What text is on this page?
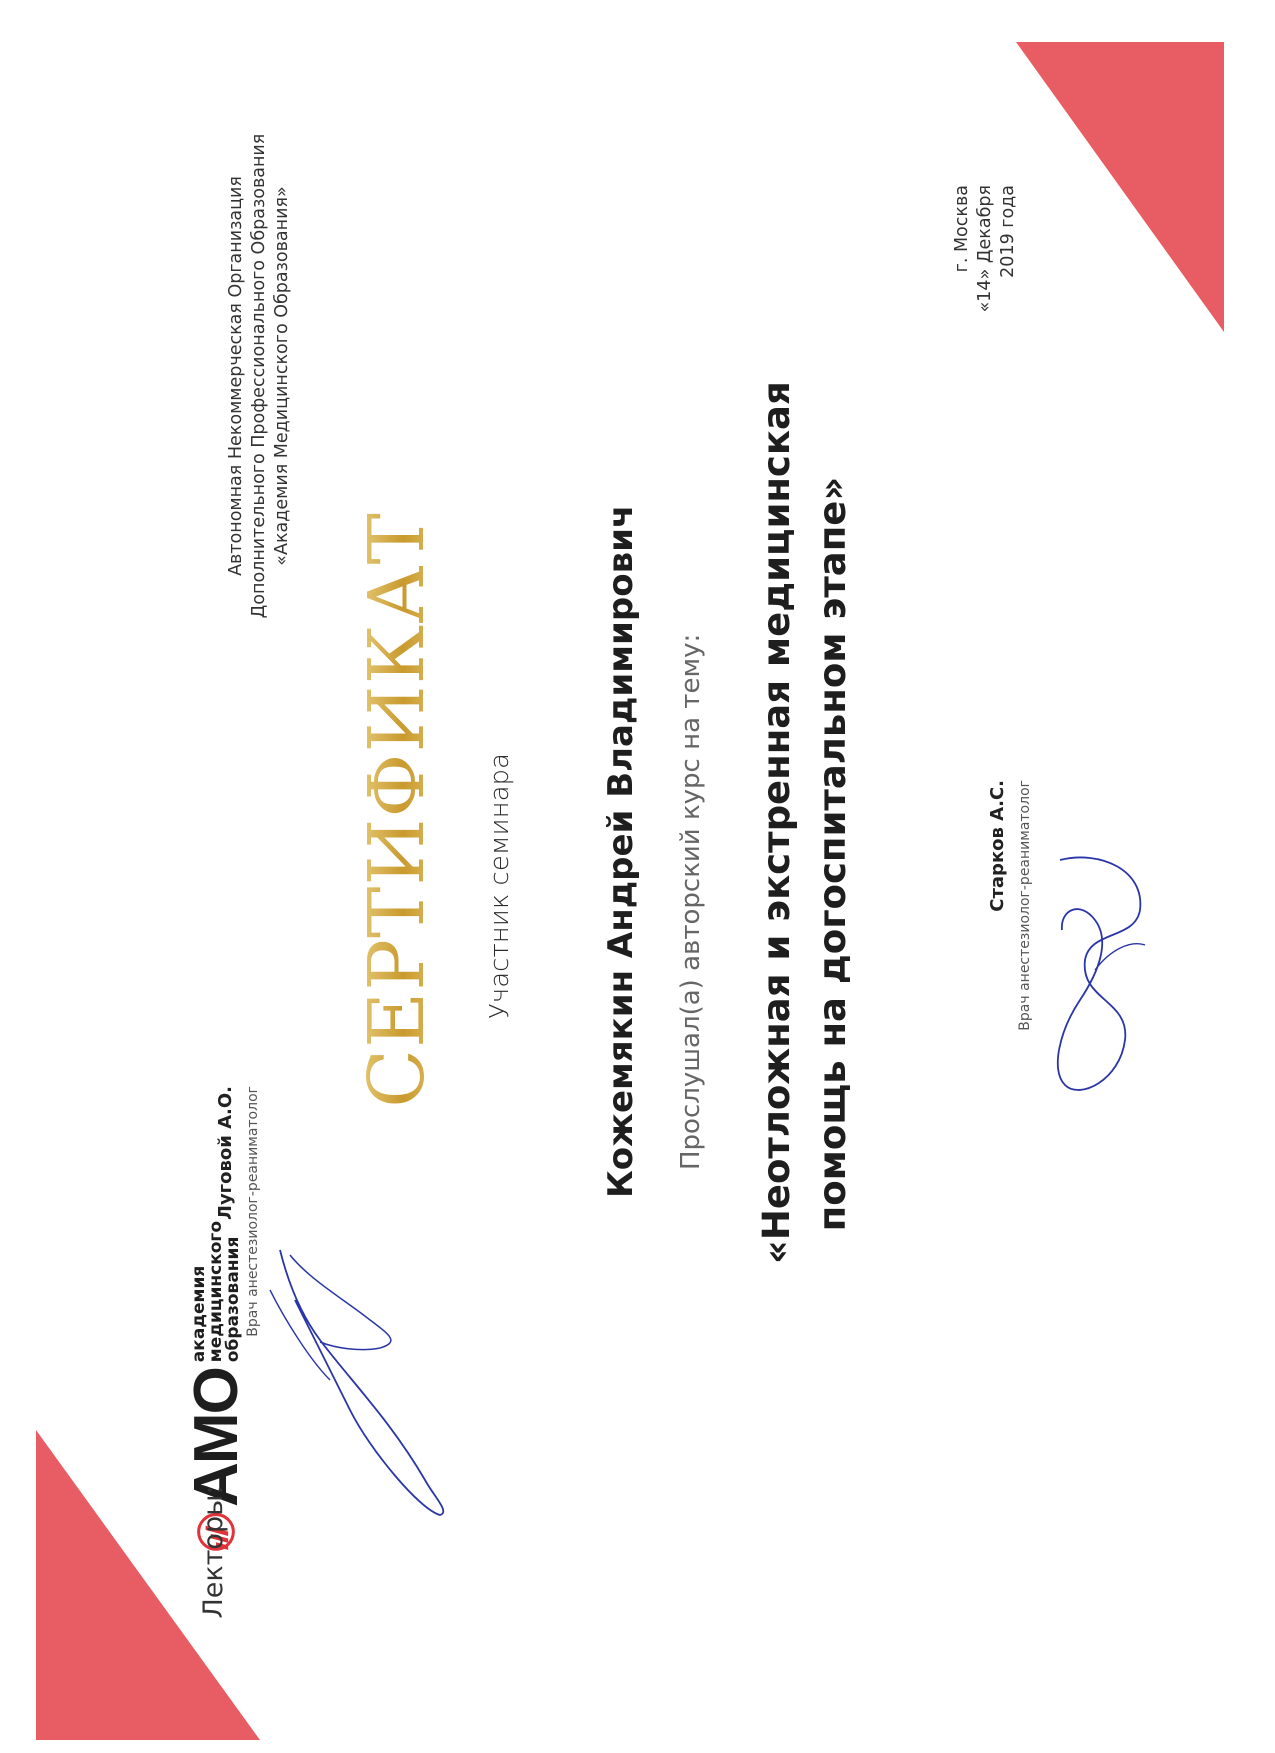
Автономная Некоммерческая Организация Дополнительного Профессионального Образования «Академия Медицинского Образования»
АМО
академия
медицинского
образования
СЕРТИФИКАТ Участник семинара	Кожемякин Андрей Владимирович Прослушал(а) авторский курс на тему: «Неотложная и экстренная медицинская помощь на догоспитальном этапе»
Лекторы:
Луговой А.О. Врач анестезиолог-реаниматолог
г. Москва «14» Декабря 2019 года
Старков А.С. Врач анестезиолог-реаниматолог
